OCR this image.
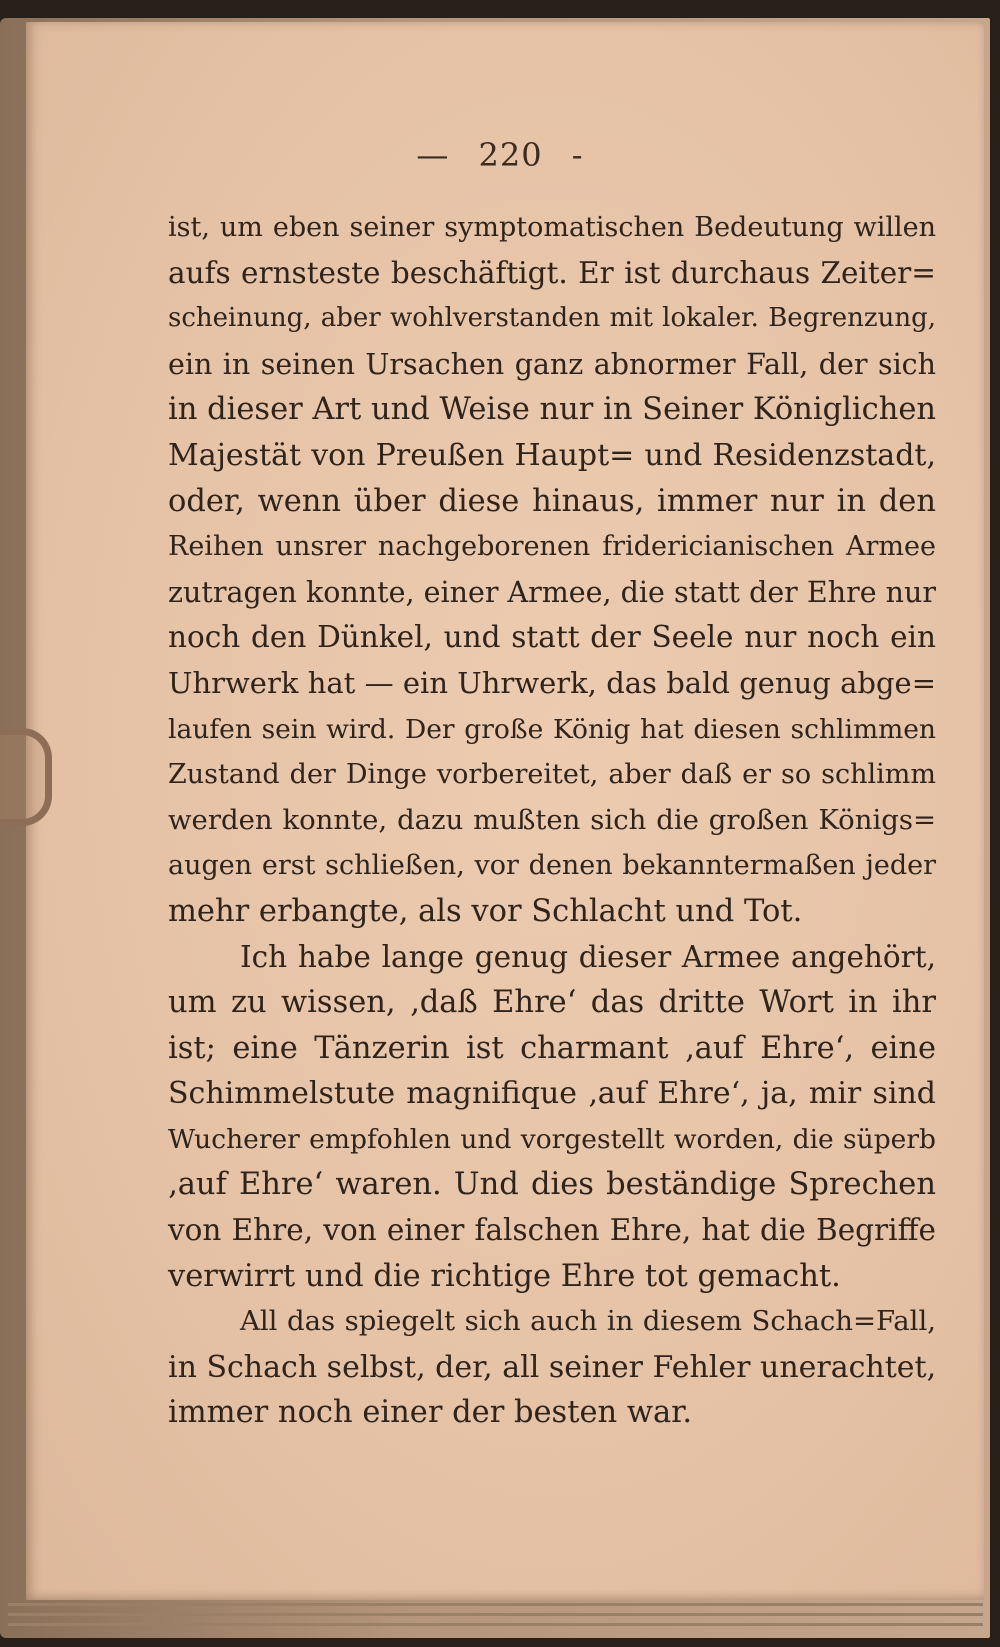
— 220 -
ist, um eben seiner symptomatischen Bedeutung willen
aufs ernsteste beschäftigt. Er ist durchaus Zeiter=
scheinung, aber wohlverstanden mit lokaler. Begrenzung,
ein in seinen Ursachen ganz abnormer Fall, der sich
in dieser Art und Weise nur in Seiner Königlichen
Majestät von Preußen Haupt= und Residenzstadt,
oder, wenn über diese hinaus, immer nur in den
Reihen unsrer nachgeborenen fridericianischen Armee
zutragen konnte, einer Armee, die statt der Ehre nur
noch den Dünkel, und statt der Seele nur noch ein
Uhrwerk hat — ein Uhrwerk, das bald genug abge=
laufen sein wird. Der große König hat diesen schlimmen
Zustand der Dinge vorbereitet, aber daß er so schlimm
werden konnte, dazu mußten sich die großen Königs=
augen erst schließen, vor denen bekanntermaßen jeder
mehr erbangte, als vor Schlacht und Tot.
Ich habe lange genug dieser Armee angehört,
um zu wissen, ‚daß Ehre‘ das dritte Wort in ihr
ist; eine Tänzerin ist charmant ‚auf Ehre‘, eine
Schimmelstute magnifique ‚auf Ehre‘, ja, mir sind
Wucherer empfohlen und vorgestellt worden, die süperb
‚auf Ehre‘ waren. Und dies beständige Sprechen
von Ehre, von einer falschen Ehre, hat die Begriffe
verwirrt und die richtige Ehre tot gemacht.
All das spiegelt sich auch in diesem Schach=Fall,
in Schach selbst, der, all seiner Fehler unerachtet,
immer noch einer der besten war.
